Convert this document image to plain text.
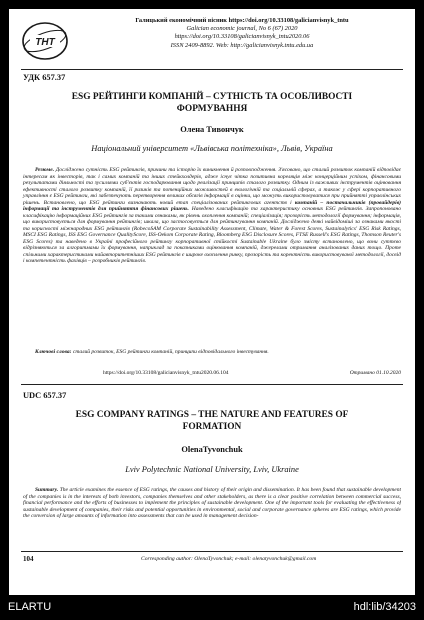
ТНТ
Галицький економічний вісник https://doi.org/10.33108/galicianvisnyk_tntu
Galician economic journal, No 6 (67) 2020
https://doi.org/10.33108/galicianvisnyk_tntu2020.06
ISSN 2409-8892. Web: http://galicianvisnyk.tntu.edu.ua
УДК 657.37
ESG РЕЙТИНГИ КОМПАНІЙ – СУТНІСТЬ ТА ОСОБЛИВОСТІ
ФОРМУВАННЯ
Олена Тивончук
Національний університет «Львівська політехніка», Львів, Україна
Резюме. Досліджено сутність ESG рейтингів, причини та історію їх виникнення й розповсюдження. З'ясовано, що сталий розвиток компаній відповідає інтересам як інвесторів, так і самих компаній та інших стейкхолдерів, адже існує чітка позитивна кореляція між концерційним успіхом, фінансовими результатами діяльності та зусиллями суб'єктів господарювання щодо реалізації принципів сталого розвитку. Одним із важливих інструментів оцінювання ефективності сталого розвитку компаній, її ризиків та потенційних можливостей в екологічній та соціальній сферах, а також у сфері корпоративного управління є ESG рейтинги, які забезпечують перетворення великих обсягів інформації в оцінки, що можуть використовуватися при прийнятті управлінських рішень. Встановлено, що ESG рейтинги визначають новий етап спеціалізованих рейтингових агентств і компаній – постачальників (провайдерів) інформації та інструментів для прийняття фінансових рішень. Наведено класифікацію та характеристику основних ESG рейтингів. Запропоновано класифікацію інформаційних ESG рейтингів за такими ознаками, як рівень охоплення компаній; спеціалізація; прозорість методології формування; інформація, що використовується для формування рейтингів; шкала, що застосовується для рейтингування компаній. Досліджено деякі найвідоміші за ознаками якості та корисності міжнародних ESG рейтингів (RobecoSAM Corporate Sustainability Assessment, Climate, Water & Forest Scores, Sustainalytics' ESG Risk Ratings, MSCI ESG Ratings, ISS ESG Governance QualityScore, ISS-Oekom Corporate Rating, Bloomberg ESG Disclosure Scores, FTSE Russell's ESG Ratings, Thomson Reuter's ESG Scores) та наведено в Україні професійного рейтингу корпоративної стійкості Sustainable Ukraine було змісту встановлено, що вони суттєво відрізняються за алгоритмами їх формування, наприклад за показниками оцінювання компаній, джерелами отримання аналізованих даних тощо. Проте спільними характеристиками найавторитетніших ESG рейтингів є широке охоплення ринку, прозорість та коректність використовуваної методології, досвід і компетентність фахівців – розробників рейтингів.
Ключові слова: сталий розвиток, ESG рейтинги компаній, принципи відповідального інвестування.
https://doi.org/10.33108/galicianvisnyk_tntu2020.06.104	Отримано 01.10.2020
UDC 657.37
ESG COMPANY RATINGS – THE NATURE AND FEATURES OF
FORMATION
OlenaTyvonchuk
Lviv Polytechnic National University, Lviv, Ukraine
Summary. The article examines the essence of ESG ratings, the causes and history of their origin and dissemination. It has been found that sustainable development of the companies is in the interests of both investors, companies themselves and other stakeholders, as there is a clear positive correlation between commercial success, financial performance and the efforts of businesses to implement the principles of sustainable development. One of the important tools for evaluating the effectiveness of sustainable development of companies, their risks and potential opportunities in environmental, social and corporate governance spheres are ESG ratings, which provide the conversion of large amounts of information into assessments that can be used in management decision-
104	Corresponding author: OlenaTyvonchuk; e-mail: olenatyvonchuk@gmail.com
ELARTU	hdl:lib/34203
